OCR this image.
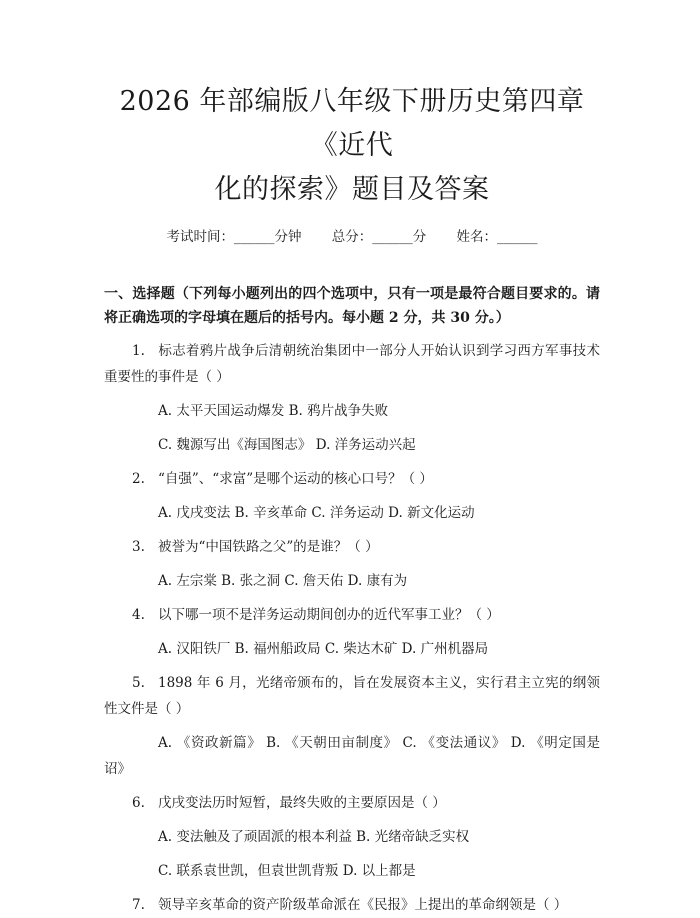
2026 年部编版八年级下册历史第四章《近代
化的探索》题目及答案
考试时间：______分钟 总分：______分 姓名：______
一、选择题（下列每小题列出的四个选项中，只有一项是最符合题目要求的。请将正确选项的字母填在题后的括号内。每小题 2 分，共 30 分。）
1. 标志着鸦片战争后清朝统治集团中一部分人开始认识到学习西方军事技术重要性的事件是（ ）
A. 太平天国运动爆发 B. 鸦片战争失败
C. 魏源写出《海国图志》 D. 洋务运动兴起
2. “自强”、“求富”是哪个运动的核心口号？（ ）
A. 戊戌变法 B. 辛亥革命 C. 洋务运动 D. 新文化运动
3. 被誉为“中国铁路之父”的是谁？（ ）
A. 左宗棠 B. 张之洞 C. 詹天佑 D. 康有为
4. 以下哪一项不是洋务运动期间创办的近代军事工业？（ ）
A. 汉阳铁厂 B. 福州船政局 C. 柴达木矿 D. 广州机器局
5. 1898 年 6 月，光绪帝颁布的，旨在发展资本主义，实行君主立宪的纲领性文件是（ ）
A. 《资政新篇》 B. 《天朝田亩制度》 C. 《变法通议》 D. 《明定国是诏》
6. 戊戌变法历时短暂，最终失败的主要原因是（ ）
A. 变法触及了顽固派的根本利益 B. 光绪帝缺乏实权
C. 联系袁世凯，但袁世凯背叛 D. 以上都是
7. 领导辛亥革命的资产阶级革命派在《民报》上提出的革命纲领是（ ）
